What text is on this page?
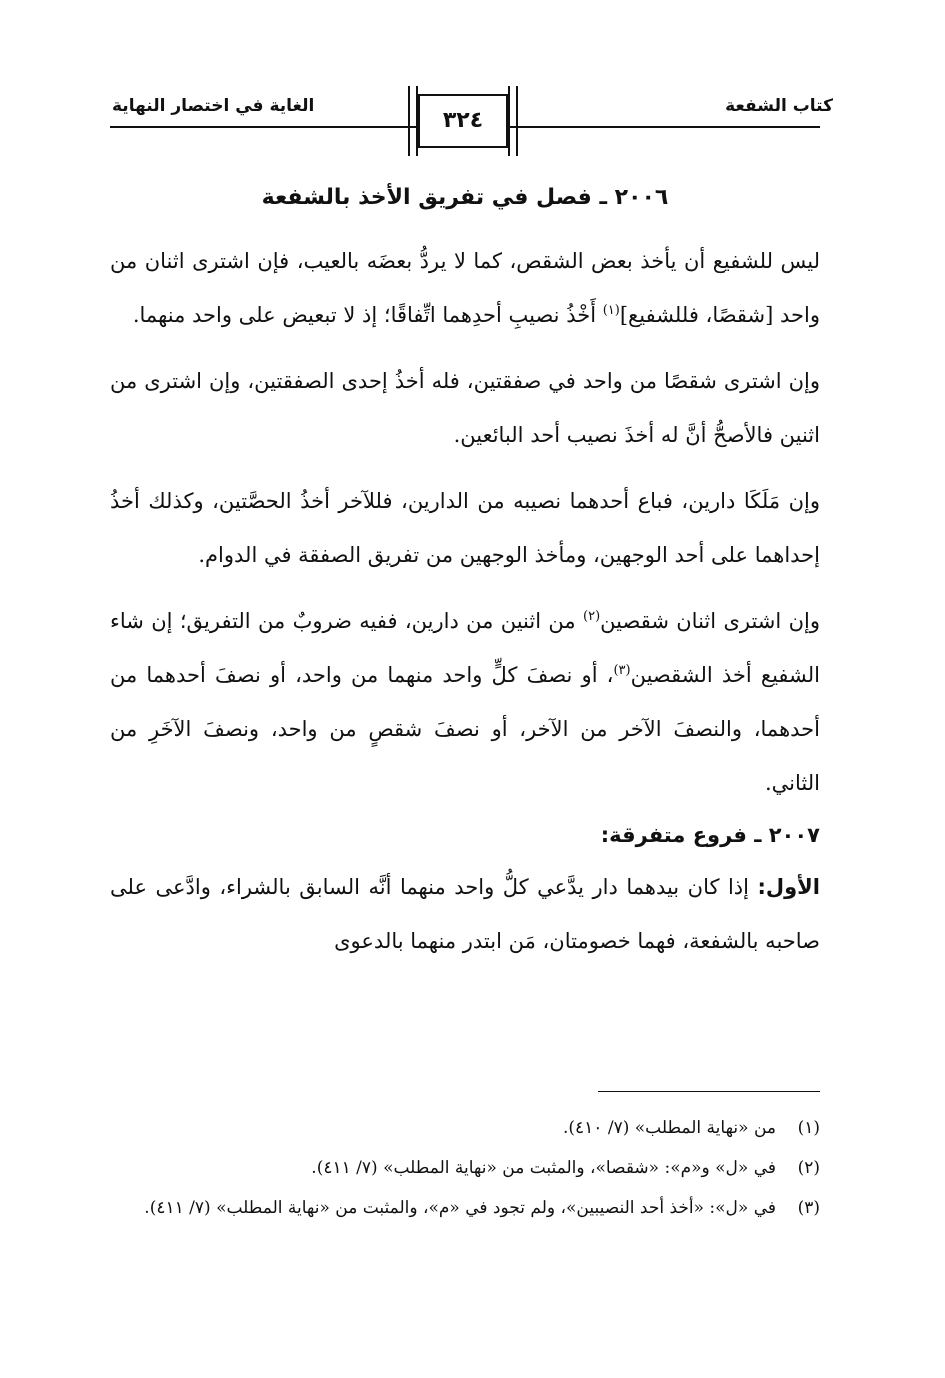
كتاب الشفعة
الغاية في اختصار النهاية
٣٢٤
٢٠٠٦ ـ فصل في تفريق الأخذ بالشفعة

ليس للشفيع أن يأخذ بعض الشقص، كما لا يردُّ بعضَه بالعيب، فإن اشترى اثنان من واحد [شقصًا، فللشفيع]$^{(١)}$ أَخْذُ نصيبِ أحدِهما اتِّفاقًا؛ إذ لا تبعيض على واحد منهما.

وإن اشترى شقصًا من واحد في صفقتين، فله أخذُ إحدى الصفقتين، وإن اشترى من اثنين فالأصحُّ أنَّ له أخذَ نصيب أحد البائعين.

وإن مَلَكَا دارين، فباع أحدهما نصيبه من الدارين، فللآخر أخذُ الحصَّتين، وكذلك أخذُ إحداهما على أحد الوجهين، ومأخذ الوجهين من تفريق الصفقة في الدوام.

وإن اشترى اثنان شقصين$^{(٢)}$ من اثنين من دارين، ففيه ضروبٌ من التفريق؛ إن شاء الشفيع أخذ الشقصين$^{(٣)}$، أو نصفَ كلٍّ واحد منهما من واحد، أو نصفَ أحدهما من أحدهما، والنصفَ الآخر من الآخر، أو نصفَ شقصٍ من واحد، ونصفَ الآخَرِ من الثاني.

٢٠٠٧ ـ فروع متفرقة:

الأول: إذا كان بيدهما دار يدَّعي كلُّ واحد منهما أنَّه السابق بالشراء، وادَّعى على صاحبه بالشفعة، فهما خصومتان، مَن ابتدر منهما بالدعوى

(١)
من «نهاية المطلب» (٧/ ٤١٠).
(٢)
في «ل» و«م»: «شقصا»، والمثبت من «نهاية المطلب» (٧/ ٤١١).
(٣)
في «ل»: «أخذ أحد النصيبين»، ولم تجود في «م»، والمثبت من «نهاية المطلب» (٧/ ٤١١).
